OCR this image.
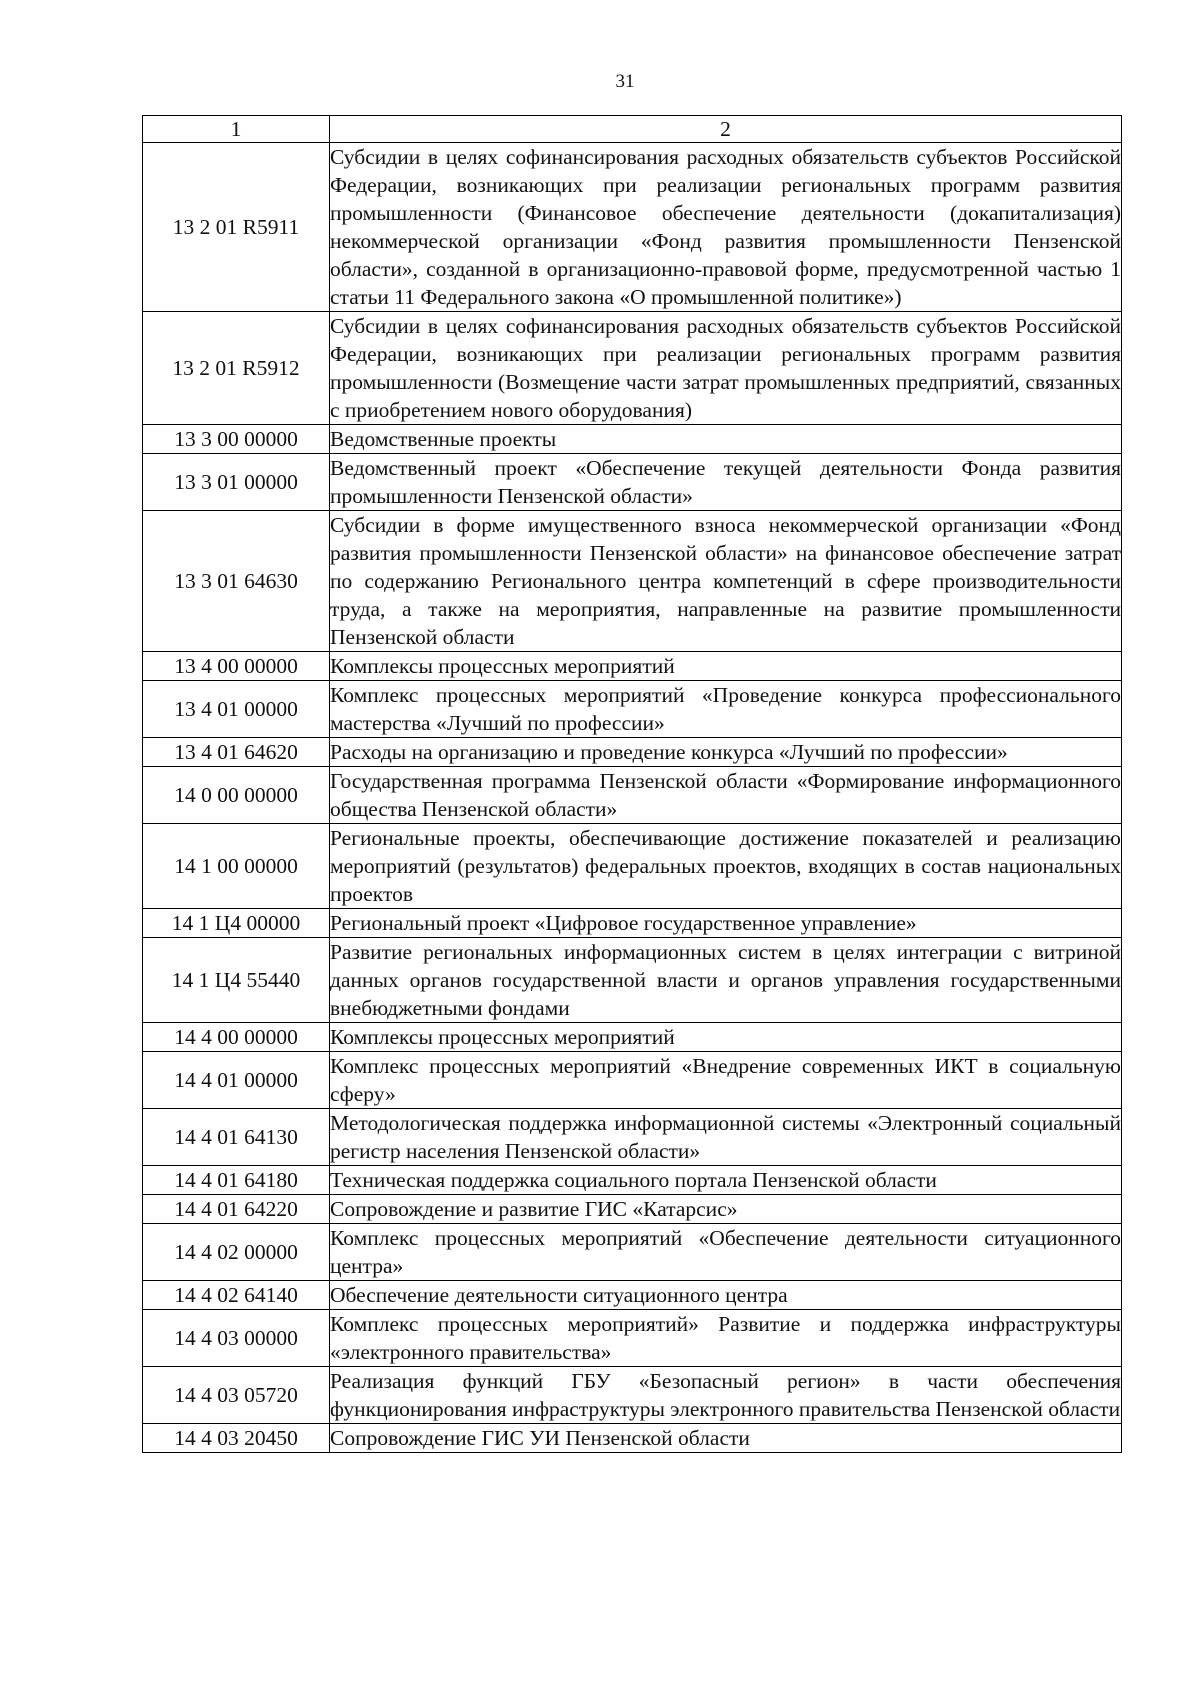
31
1	2
13 2 01 R5911	Субсидии в целях софинансирования расходных обязательств субъектов Российской Федерации, возникающих при реализации региональных программ развития промышленности (Финансовое обеспечение деятельности (докапитализация) некоммерческой организации «Фонд развития промышленности Пензенской области», созданной в организационно-правовой форме, предусмотренной частью 1 статьи 11 Федерального закона «О промышленной политике»)
13 2 01 R5912	Субсидии в целях софинансирования расходных обязательств субъектов Российской Федерации, возникающих при реализации региональных программ развития промышленности (Возмещение части затрат промышленных предприятий, связанных с приобретением нового оборудования)
13 3 00 00000	Ведомственные проекты
13 3 01 00000	Ведомственный проект «Обеспечение текущей деятельности Фонда развития промышленности Пензенской области»
13 3 01 64630	Субсидии в форме имущественного взноса некоммерческой организации «Фонд развития промышленности Пензенской области» на финансовое обеспечение затрат по содержанию Регионального центра компетенций в сфере производительности труда, а также на мероприятия, направленные на развитие промышленности Пензенской области
13 4 00 00000	Комплексы процессных мероприятий
13 4 01 00000	Комплекс процессных мероприятий «Проведение конкурса профессионального мастерства «Лучший по профессии»
13 4 01 64620	Расходы на организацию и проведение конкурса «Лучший по профессии»
14 0 00 00000	Государственная программа Пензенской области «Формирование информационного общества Пензенской области»
14 1 00 00000	Региональные проекты, обеспечивающие достижение показателей и реализацию мероприятий (результатов) федеральных проектов, входящих в состав национальных проектов
14 1 Ц4 00000	Региональный проект «Цифровое государственное управление»
14 1 Ц4 55440	Развитие региональных информационных систем в целях интеграции с витриной данных органов государственной власти и органов управления государственными внебюджетными фондами
14 4 00 00000	Комплексы процессных мероприятий
14 4 01 00000	Комплекс процессных мероприятий «Внедрение современных ИКТ в социальную сферу»
14 4 01 64130	Методологическая поддержка информационной системы «Электронный социальный регистр населения Пензенской области»
14 4 01 64180	Техническая поддержка социального портала Пензенской области
14 4 01 64220	Сопровождение и развитие ГИС «Катарсис»
14 4 02 00000	Комплекс процессных мероприятий «Обеспечение деятельности ситуационного центра»
14 4 02 64140	Обеспечение деятельности ситуационного центра
14 4 03 00000	Комплекс процессных мероприятий» Развитие и поддержка инфраструктуры «электронного правительства»
14 4 03 05720	Реализация функций ГБУ «Безопасный регион» в части обеспечения функционирования инфраструктуры электронного правительства Пензенской области
14 4 03 20450	Сопровождение ГИС УИ Пензенской области
